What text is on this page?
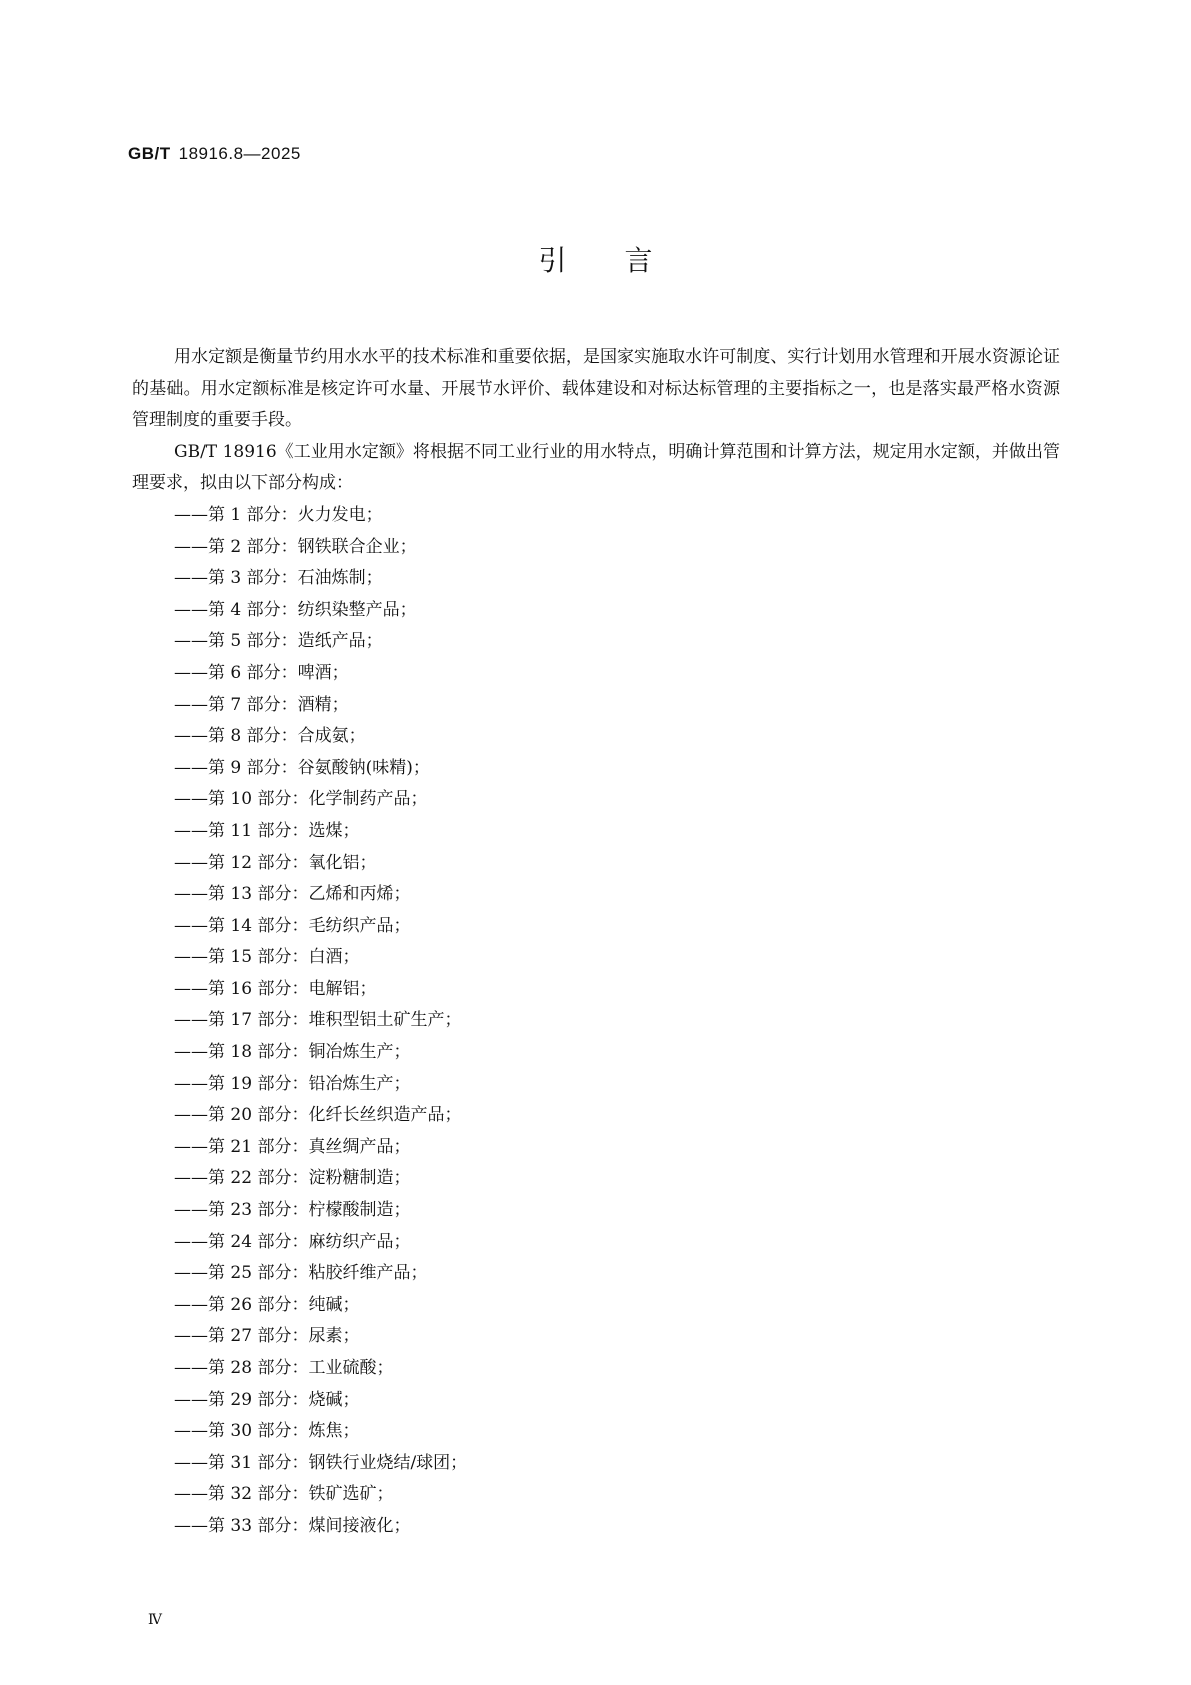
GB/T 18916.8—2025
引言

用水定额是衡量节约用水水平的技术标准和重要依据，是国家实施取水许可制度、实行计划用水管理和开展水资源论证的基础。用水定额标准是核定许可水量、开展节水评价、载体建设和对标达标管理的主要指标之一，也是落实最严格水资源管理制度的重要手段。

GB/T 18916《工业用水定额》将根据不同工业行业的用水特点，明确计算范围和计算方法，规定用水定额，并做出管理要求，拟由以下部分构成：

——第 1 部分：火力发电；
——第 2 部分：钢铁联合企业；
——第 3 部分：石油炼制；
——第 4 部分：纺织染整产品；
——第 5 部分：造纸产品；
——第 6 部分：啤酒；
——第 7 部分：酒精；
——第 8 部分：合成氨；
——第 9 部分：谷氨酸钠(味精)；
——第 10 部分：化学制药产品；
——第 11 部分：选煤；
——第 12 部分：氧化铝；
——第 13 部分：乙烯和丙烯；
——第 14 部分：毛纺织产品；
——第 15 部分：白酒；
——第 16 部分：电解铝；
——第 17 部分：堆积型铝土矿生产；
——第 18 部分：铜冶炼生产；
——第 19 部分：铅冶炼生产；
——第 20 部分：化纤长丝织造产品；
——第 21 部分：真丝绸产品；
——第 22 部分：淀粉糖制造；
——第 23 部分：柠檬酸制造；
——第 24 部分：麻纺织产品；
——第 25 部分：粘胶纤维产品；
——第 26 部分：纯碱；
——第 27 部分：尿素；
——第 28 部分：工业硫酸；
——第 29 部分：烧碱；
——第 30 部分：炼焦；
——第 31 部分：钢铁行业烧结/球团；
——第 32 部分：铁矿选矿；
——第 33 部分：煤间接液化；
Ⅳ
